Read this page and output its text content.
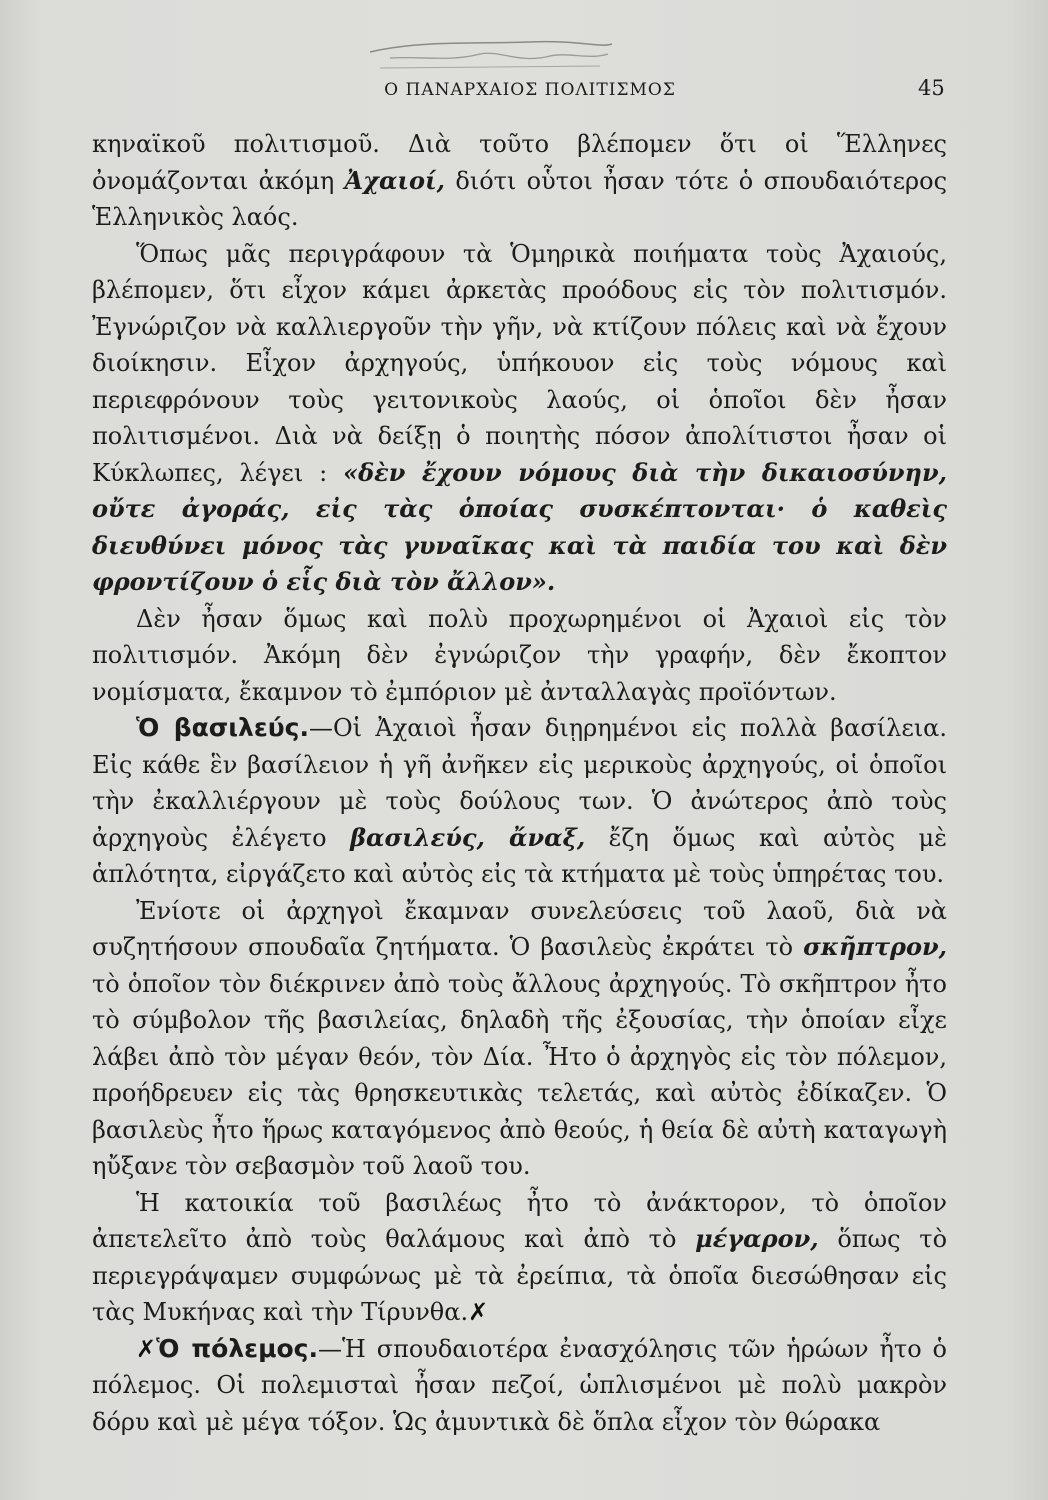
Ο ΠΑΝΑΡΧΑΙΟΣ ΠΟΛΙΤΙΣΜΟΣ	45

κηναϊκοῦ πολιτισμοῦ. Διὰ τοῦτο βλέπομεν ὅτι οἱ Ἕλληνες ὀνομάζονται ἀκόμη Ἀχαιοί, διότι οὗτοι ἦσαν τότε ὁ σπουδαιότερος Ἑλληνικὸς λαός.

Ὅπως μᾶς περιγράφουν τὰ Ὁμηρικὰ ποιήματα τοὺς Ἀχαιούς, βλέπομεν, ὅτι εἶχον κάμει ἀρκετὰς προόδους εἰς τὸν πολιτισμόν. Ἐγνώριζον νὰ καλλιεργοῦν τὴν γῆν, νὰ κτίζουν πόλεις καὶ νὰ ἔχουν διοίκησιν. Εἶχον ἀρχηγούς, ὑπήκουον εἰς τοὺς νόμους καὶ περιεφρόνουν τοὺς γειτονικοὺς λαούς, οἱ ὁποῖοι δὲν ἦσαν πολιτισμένοι. Διὰ νὰ δείξῃ ὁ ποιητὴς πόσον ἀπολίτιστοι ἦσαν οἱ Κύκλωπες, λέγει : «δὲν ἔχουν νόμους διὰ τὴν δικαιοσύνην, οὔτε ἀγοράς, εἰς τὰς ὁποίας συσκέπτονται· ὁ καθεὶς διευθύνει μόνος τὰς γυναῖκας καὶ τὰ παιδία του καὶ δὲν φροντίζουν ὁ εἷς διὰ τὸν ἄλλον».

Δὲν ἦσαν ὅμως καὶ πολὺ προχωρημένοι οἱ Ἀχαιοὶ εἰς τὸν πολιτισμόν. Ἀκόμη δὲν ἐγνώριζον τὴν γραφήν, δὲν ἔκοπτον νομίσματα, ἔκαμνον τὸ ἐμπόριον μὲ ἀνταλλαγὰς προϊόντων.

Ὁ βασιλεύς.—Οἱ Ἀχαιοὶ ἦσαν διῃρημένοι εἰς πολλὰ βασίλεια. Εἰς κάθε ἓν βασίλειον ἡ γῆ ἀνῆκεν εἰς μερικοὺς ἀρχηγούς, οἱ ὁποῖοι τὴν ἐκαλλιέργουν μὲ τοὺς δούλους των. Ὁ ἀνώτερος ἀπὸ τοὺς ἀρχηγοὺς ἐλέγετο βασιλεύς, ἄναξ, ἔζη ὅμως καὶ αὐτὸς μὲ ἁπλότητα, εἰργάζετο καὶ αὐτὸς εἰς τὰ κτήματα μὲ τοὺς ὑπηρέτας του.

Ἐνίοτε οἱ ἀρχηγοὶ ἔκαμναν συνελεύσεις τοῦ λαοῦ, διὰ νὰ συζητήσουν σπουδαῖα ζητήματα. Ὁ βασιλεὺς ἐκράτει τὸ σκῆπτρον, τὸ ὁποῖον τὸν διέκρινεν ἀπὸ τοὺς ἄλλους ἀρχηγούς. Τὸ σκῆπτρον ἦτο τὸ σύμβολον τῆς βασιλείας, δηλαδὴ τῆς ἐξουσίας, τὴν ὁποίαν εἶχε λάβει ἀπὸ τὸν μέγαν θεόν, τὸν Δία. Ἦτο ὁ ἀρχηγὸς εἰς τὸν πόλεμον, προήδρευεν εἰς τὰς θρησκευτικὰς τελετάς, καὶ αὐτὸς ἐδίκαζεν. Ὁ βασιλεὺς ἦτο ἥρως καταγόμενος ἀπὸ θεούς, ἡ θεία δὲ αὐτὴ καταγωγὴ ηὔξανε τὸν σεβασμὸν τοῦ λαοῦ του.

Ἡ κατοικία τοῦ βασιλέως ἦτο τὸ ἀνάκτορον, τὸ ὁποῖον ἀπετελεῖτο ἀπὸ τοὺς θαλάμους καὶ ἀπὸ τὸ μέγαρον, ὅπως τὸ περιεγράψαμεν συμφώνως μὲ τὰ ἐρείπια, τὰ ὁποῖα διεσώθησαν εἰς τὰς Μυκήνας καὶ τὴν Τίρυνθα.✗

✗Ὁ πόλεμος.—Ἡ σπουδαιοτέρα ἐνασχόλησις τῶν ἡρώων ἦτο ὁ πόλεμος. Οἱ πολεμισταὶ ἦσαν πεζοί, ὡπλισμένοι μὲ πολὺ μακρὸν δόρυ καὶ μὲ μέγα τόξον. Ὡς ἀμυντικὰ δὲ ὅπλα εἶχον τὸν θώρακα
